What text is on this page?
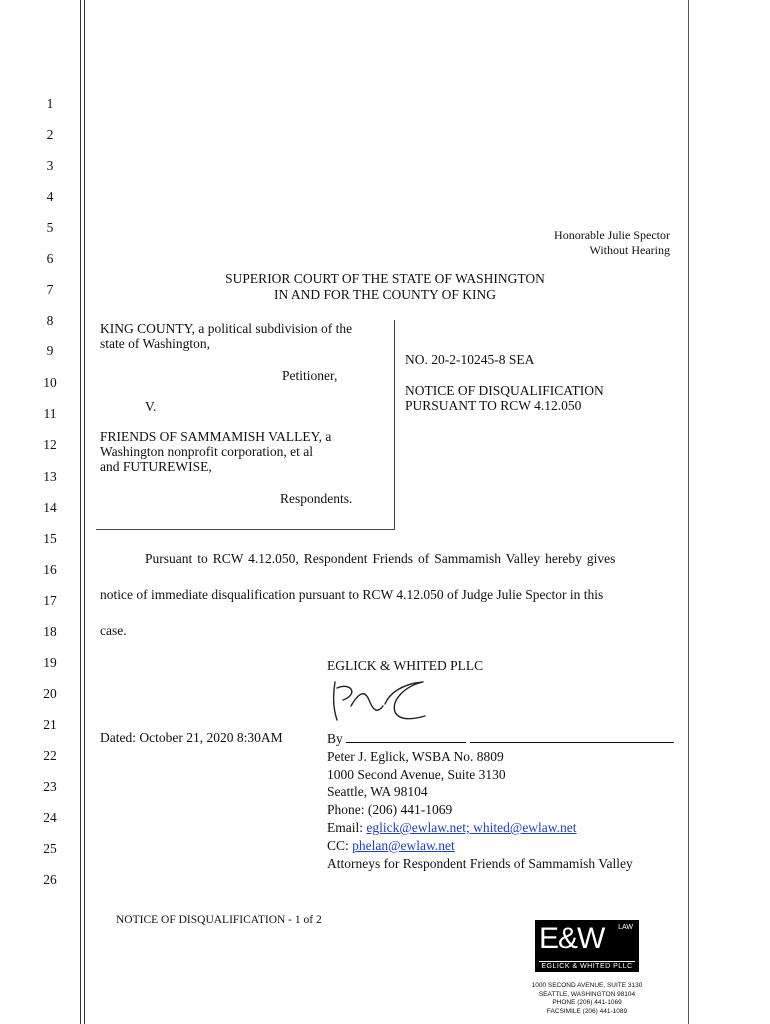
1
2
3
4
5
6
7
8
9
10
11
12
13
14
15
16
17
18
19
20
21
22
23
24
25
26
Honorable Julie Spector
Without Hearing
SUPERIOR COURT OF THE STATE OF WASHINGTON
IN AND FOR THE COUNTY OF KING
KING COUNTY, a political subdivision of the
state of Washington,
Petitioner,
V.
FRIENDS OF SAMMAMISH VALLEY, a
Washington nonprofit corporation, et al
and FUTUREWISE,
Respondents.
NO. 20-2-10245-8 SEA
NOTICE OF DISQUALIFICATION
PURSUANT TO RCW 4.12.050
Pursuant to RCW 4.12.050, Respondent Friends of Sammamish Valley hereby gives
notice of immediate disqualification pursuant to RCW 4.12.050 of Judge Julie Spector in this
case.
EGLICK & WHITED PLLC
Dated: October 21, 2020 8:30AM	By
Peter J. Eglick, WSBA No. 8809
1000 Second Avenue, Suite 3130
Seattle, WA 98104
Phone: (206) 441-1069
Email: eglick@ewlaw.net; whited@ewlaw.net
CC: phelan@ewlaw.net
Attorneys for Respondent Friends of Sammamish Valley
NOTICE OF DISQUALIFICATION - 1 of 2
E&W LAW
EGLICK & WHITED PLLC
1000 SECOND AVENUE, SUITE 3130
SEATTLE, WASHINGTON 98104
PHONE (206) 441-1069
FACSIMILE (206) 441-1089
